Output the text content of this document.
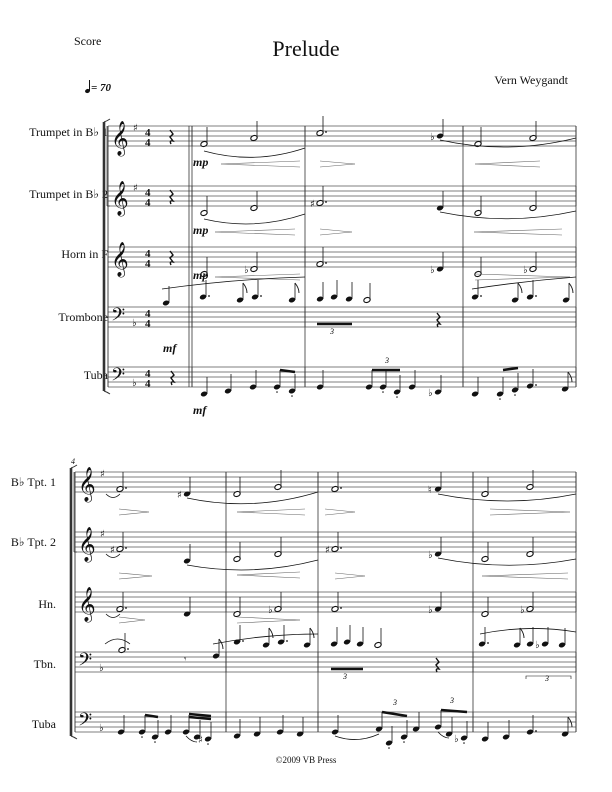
Score	Prelude
Vern Weygandt
= 70
Trumpet in B♭ 1
Trumpet in B♭ 2
Horn in F
Trombone
Tuba
B♭ Tpt. 1
B♭ Tpt. 2
Hn.
Tbn.
Tuba
𝄞 ♯ 4
4
𝄞 ♯ 4
4
𝄞 4
4
𝄢 ♭
4
4
𝄢 ♭
4
4
𝄞 ♯
𝄞 ♯
𝄞
𝄢 ♭
𝄢 ♭
4
♭
mp
♯
mp
♭	♭	♭
mp
mf
3
mf
3
♭
♯	♮
♯	♯	♭
♭	♭	♭
𝄾
3
♭
3
♯
3
♭
3
©2009 VB Press
